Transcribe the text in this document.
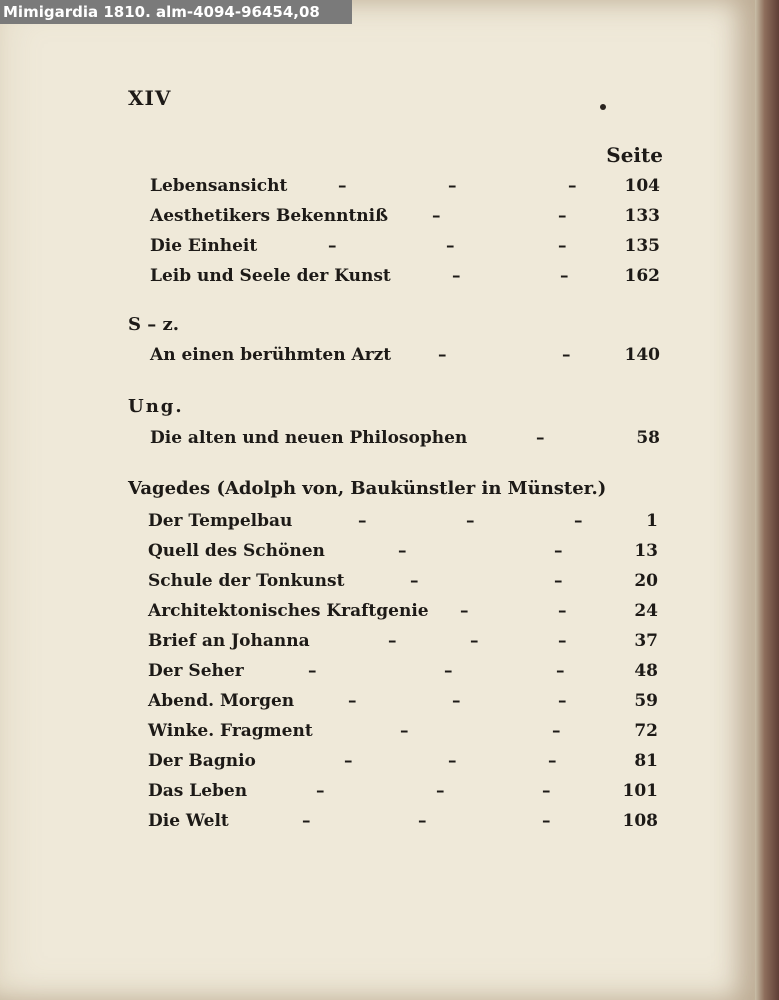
Mimigardia 1810. alm-4094-96454,08
XIV
Seite
Lebensansicht	–	–	–	104
Aesthetikers Bekenntniß	–	–	133
Die Einheit	–	–	–	135
Leib und Seele der Kunst	–	–	162
S – z.
An einen berühmten Arzt	–	–	140
Ung.
Die alten und neuen Philosophen	–	58
Vagedes (Adolph von, Baukünstler in Münster.)
Der Tempelbau	–	–	–	1
Quell des Schönen	–	–	13
Schule der Tonkunst	–	–	20
Architektonisches Kraftgenie –	–	24
Brief an Johanna	–	–	–	37
Der Seher	–	–	–	48
Abend. Morgen	–	–	–	59
Winke. Fragment	–	–	72
Der Bagnio	–	–	–	81
Das Leben	–	–	–	101
Die Welt	–	–	–	108
